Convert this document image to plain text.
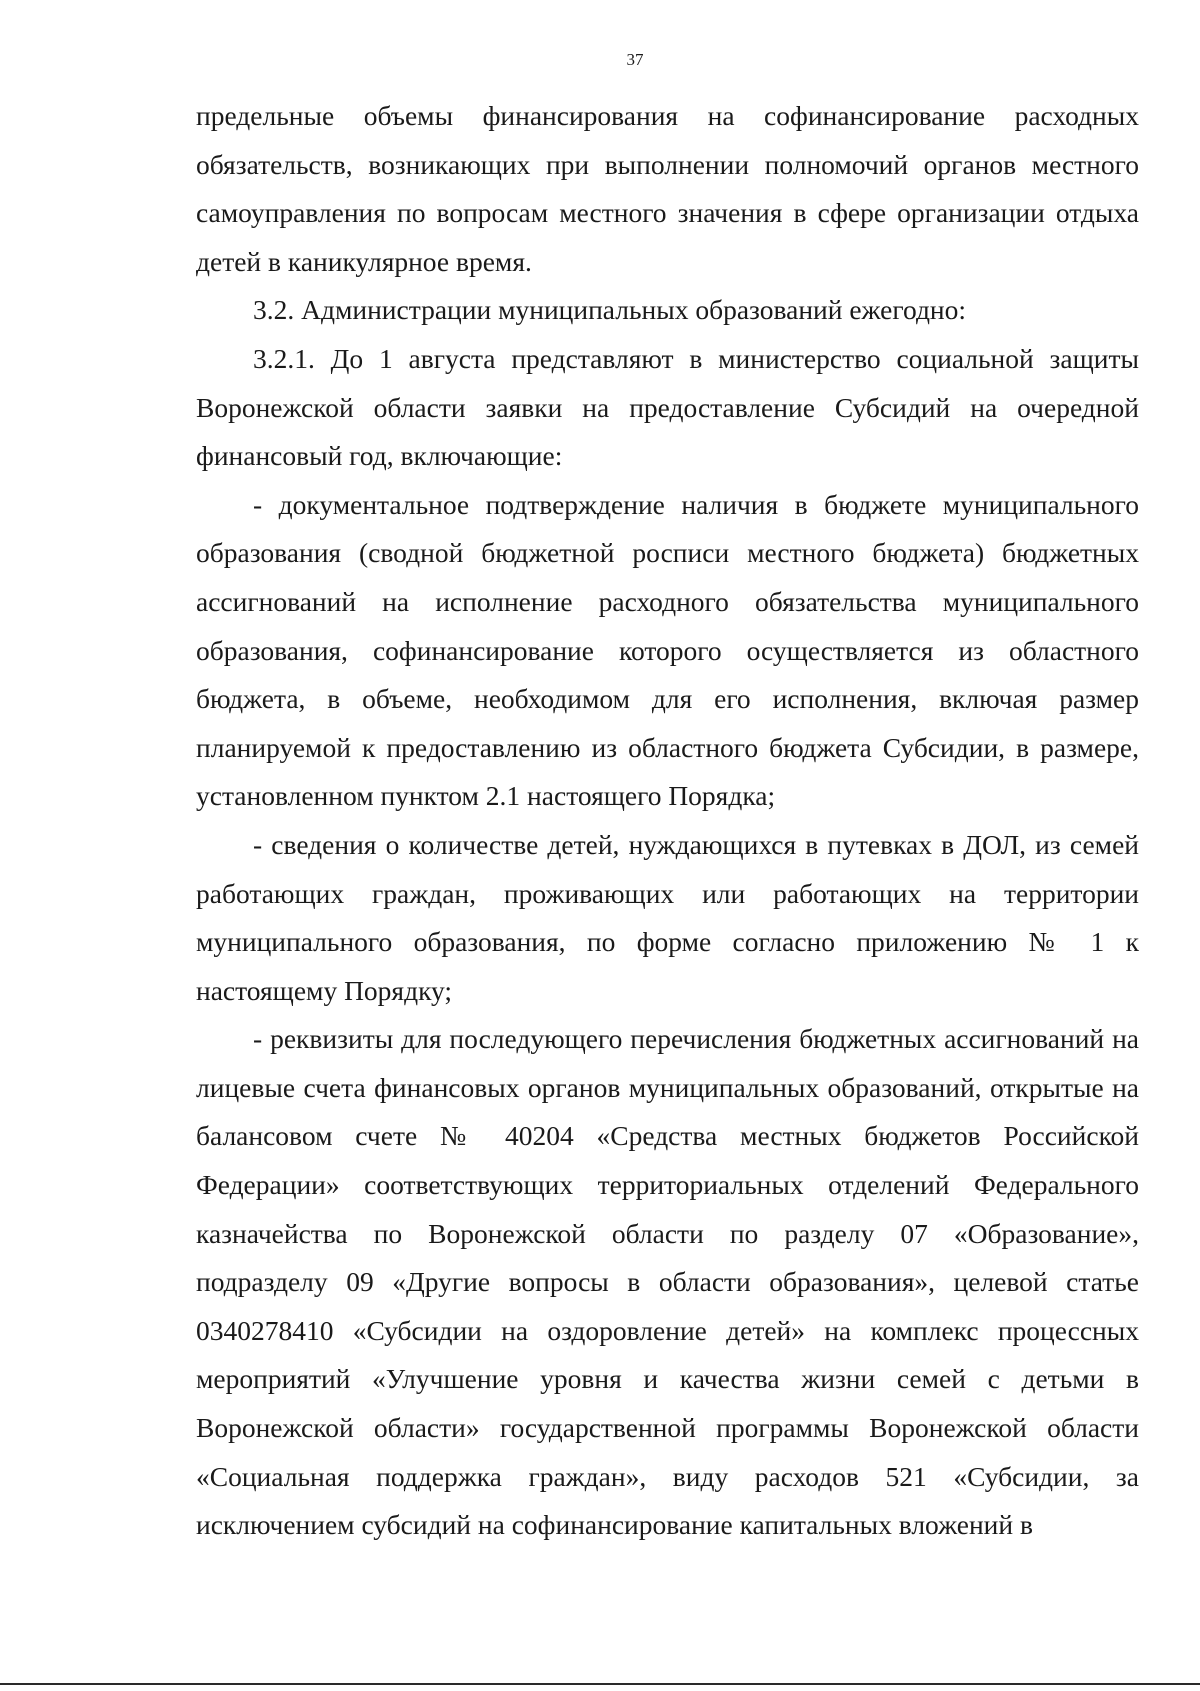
37

предельные объемы финансирования на софинансирование расходных обязательств, возникающих при выполнении полномочий органов местного самоуправления по вопросам местного значения в сфере организации отдыха детей в каникулярное время.

3.2. Администрации муниципальных образований ежегодно:

3.2.1. До 1 августа представляют в министерство социальной защиты Воронежской области заявки на предоставление Субсидий на очередной финансовый год, включающие:

- документальное подтверждение наличия в бюджете муниципального образования (сводной бюджетной росписи местного бюджета) бюджетных ассигнований на исполнение расходного обязательства муниципального образования, софинансирование которого осуществляется из областного бюджета, в объеме, необходимом для его исполнения, включая размер планируемой к предоставлению из областного бюджета Субсидии, в размере, установленном пунктом 2.1 настоящего Порядка;

- сведения о количестве детей, нуждающихся в путевках в ДОЛ, из семей работающих граждан, проживающих или работающих на территории муниципального образования, по форме согласно приложению № 1 к настоящему Порядку;

- реквизиты для последующего перечисления бюджетных ассигнований на лицевые счета финансовых органов муниципальных образований, открытые на балансовом счете № 40204 «Средства местных бюджетов Российской Федерации» соответствующих территориальных отделений Федерального казначейства по Воронежской области по разделу 07 «Образование», подразделу 09 «Другие вопросы в области образования», целевой статье 0340278410 «Субсидии на оздоровление детей» на комплекс процессных мероприятий «Улучшение уровня и качества жизни семей с детьми в Воронежской области» государственной программы Воронежской области «Социальная поддержка граждан», виду расходов 521 «Субсидии, за исключением субсидий на софинансирование капитальных вложений в
